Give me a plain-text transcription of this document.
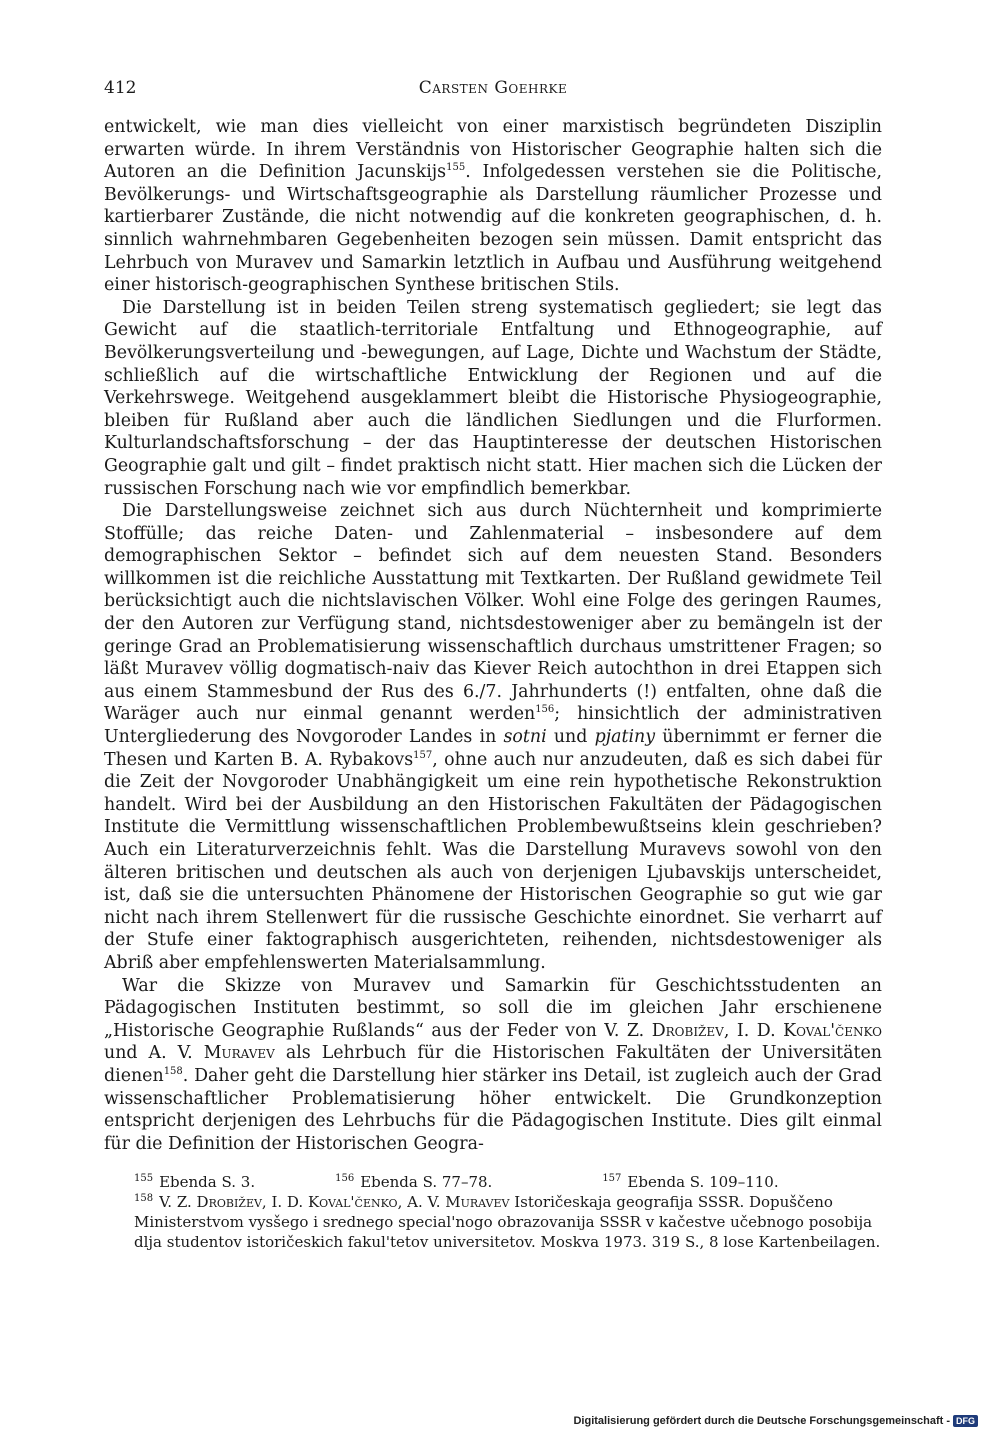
412	Carsten Goehrke

entwickelt, wie man dies vielleicht von einer marxistisch begründeten Disziplin erwarten würde. In ihrem Verständnis von Historischer Geographie halten sich die Autoren an die Definition Jacunskijs$^{155}$. Infolgedessen verstehen sie die Politische, Bevölkerungs- und Wirtschaftsgeographie als Darstellung räumlicher Prozesse und kartierbarer Zustände, die nicht notwendig auf die konkreten geographischen, d. h. sinnlich wahrnehmbaren Gegebenheiten bezogen sein müssen. Damit entspricht das Lehrbuch von Muravev und Samarkin letztlich in Aufbau und Ausführung weitgehend einer historisch-geographischen Synthese britischen Stils.

Die Darstellung ist in beiden Teilen streng systematisch gegliedert; sie legt das Gewicht auf die staatlich-territoriale Entfaltung und Ethnogeographie, auf Bevölkerungsverteilung und -bewegungen, auf Lage, Dichte und Wachstum der Städte, schließlich auf die wirtschaftliche Entwicklung der Regionen und auf die Verkehrswege. Weitgehend ausgeklammert bleibt die Historische Physiogeographie, bleiben für Rußland aber auch die ländlichen Siedlungen und die Flurformen. Kulturlandschaftsforschung – der das Hauptinteresse der deutschen Historischen Geographie galt und gilt – findet praktisch nicht statt. Hier machen sich die Lücken der russischen Forschung nach wie vor empfindlich bemerkbar.

Die Darstellungsweise zeichnet sich aus durch Nüchternheit und komprimierte Stoffülle; das reiche Daten- und Zahlenmaterial – insbesondere auf dem demographischen Sektor – befindet sich auf dem neuesten Stand. Besonders willkommen ist die reichliche Ausstattung mit Textkarten. Der Rußland gewidmete Teil berücksichtigt auch die nichtslavischen Völker. Wohl eine Folge des geringen Raumes, der den Autoren zur Verfügung stand, nichtsdestoweniger aber zu bemängeln ist der geringe Grad an Problematisierung wissenschaftlich durchaus umstrittener Fragen; so läßt Muravev völlig dogmatisch-naiv das Kiever Reich autochthon in drei Etappen sich aus einem Stammesbund der Rus des 6./7. Jahrhunderts (!) entfalten, ohne daß die Waräger auch nur einmal genannt werden$^{156}$; hinsichtlich der administrativen Untergliederung des Novgoroder Landes in sotni und pjatiny übernimmt er ferner die Thesen und Karten B. A. Rybakovs$^{157}$, ohne auch nur anzudeuten, daß es sich dabei für die Zeit der Novgoroder Unabhängigkeit um eine rein hypothetische Rekonstruktion handelt. Wird bei der Ausbildung an den Historischen Fakultäten der Pädagogischen Institute die Vermittlung wissenschaftlichen Problembewußtseins klein geschrieben? Auch ein Literaturverzeichnis fehlt. Was die Darstellung Muravevs sowohl von den älteren britischen und deutschen als auch von derjenigen Ljubavskijs unterscheidet, ist, daß sie die untersuchten Phänomene der Historischen Geographie so gut wie gar nicht nach ihrem Stellenwert für die russische Geschichte einordnet. Sie verharrt auf der Stufe einer faktographisch ausgerichteten, reihenden, nichtsdestoweniger als Abriß aber empfehlenswerten Materialsammlung.

War die Skizze von Muravev und Samarkin für Geschichtsstudenten an Pädagogischen Instituten bestimmt, so soll die im gleichen Jahr erschienene „Historische Geographie Rußlands“ aus der Feder von V. Z. Drobižev, I. D. Koval'čenko und A. V. Muravev als Lehrbuch für die Historischen Fakultäten der Universitäten dienen$^{158}$. Daher geht die Darstellung hier stärker ins Detail, ist zugleich auch der Grad wissenschaftlicher Problematisierung höher entwickelt. Die Grundkonzeption entspricht derjenigen des Lehrbuchs für die Pädagogischen Institute. Dies gilt einmal für die Definition der Historischen Geogra-

$^{155}$ Ebenda S. 3.	$^{156}$ Ebenda S. 77–78.	$^{157}$ Ebenda S. 109–110.
$^{158}$ V. Z. Drobižev, I. D. Koval'čenko, A. V. Muravev Istoričeskaja geografija SSSR. Dopuščeno Ministerstvom vysšego i srednego special'nogo obrazovanija SSSR v kačestve učebnogo posobija dlja studentov istoričeskich fakul'tetov universitetov. Moskva 1973. 319 S., 8 lose Kartenbeilagen.
Digitalisierung gefördert durch die Deutsche Forschungsgemeinschaft - DFG
